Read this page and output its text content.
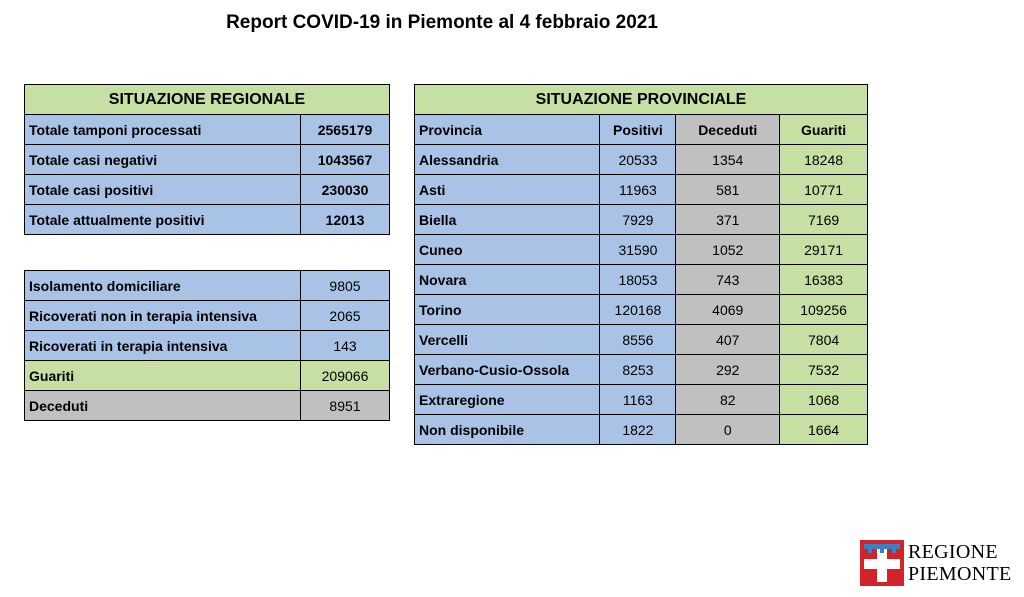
Report COVID-19 in Piemonte al 4 febbraio 2021
SITUAZIONE REGIONALE	
Totale tamponi processati	2565179
Totale casi negativi	1043567
Totale casi positivi	230030
Totale attualmente positivi	12013
Isolamento domiciliare	9805
Ricoverati non in terapia intensiva	2065
Ricoverati in terapia intensiva	143
Guariti	209066
Deceduti	8951
SITUAZIONE PROVINCIALE			
Provincia	Positivi	Deceduti	Guariti
Alessandria	20533	1354	18248
Asti	11963	581	10771
Biella	7929	371	7169
Cuneo	31590	1052	29171
Novara	18053	743	16383
Torino	120168	4069	109256
Vercelli	8556	407	7804
Verbano-Cusio-Ossola	8253	292	7532
Extraregione	1163	82	1068
Non disponibile	1822	0	1664
REGIONE
PIEMONTE
